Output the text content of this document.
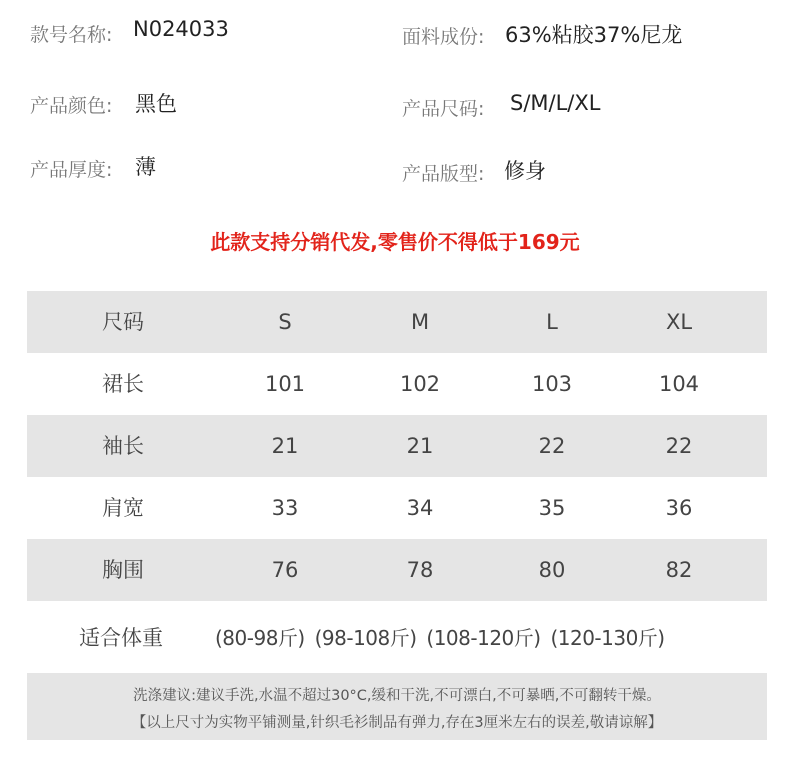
款号名称: N024033	面料成份: 63%粘胶37%尼龙
产品颜色: 黑色	产品尺码: S/M/L/XL
产品厚度: 薄	产品版型: 修身
此款支持分销代发,零售价不得低于169元
尺码	S	M	L	XL
裙长	101	102	103	104
袖长	21	21	22	22
肩宽	33	34	35	36
胸围	76	78	80	82
适合体重	(80-98斤) (98-108斤) (108-120斤) (120-130斤)
洗涤建议:建议手洗,水温不超过30°C,缓和干洗,不可漂白,不可暴晒,不可翻转干燥。
【以上尺寸为实物平铺测量,针织毛衫制品有弹力,存在3厘米左右的误差,敬请谅解】
